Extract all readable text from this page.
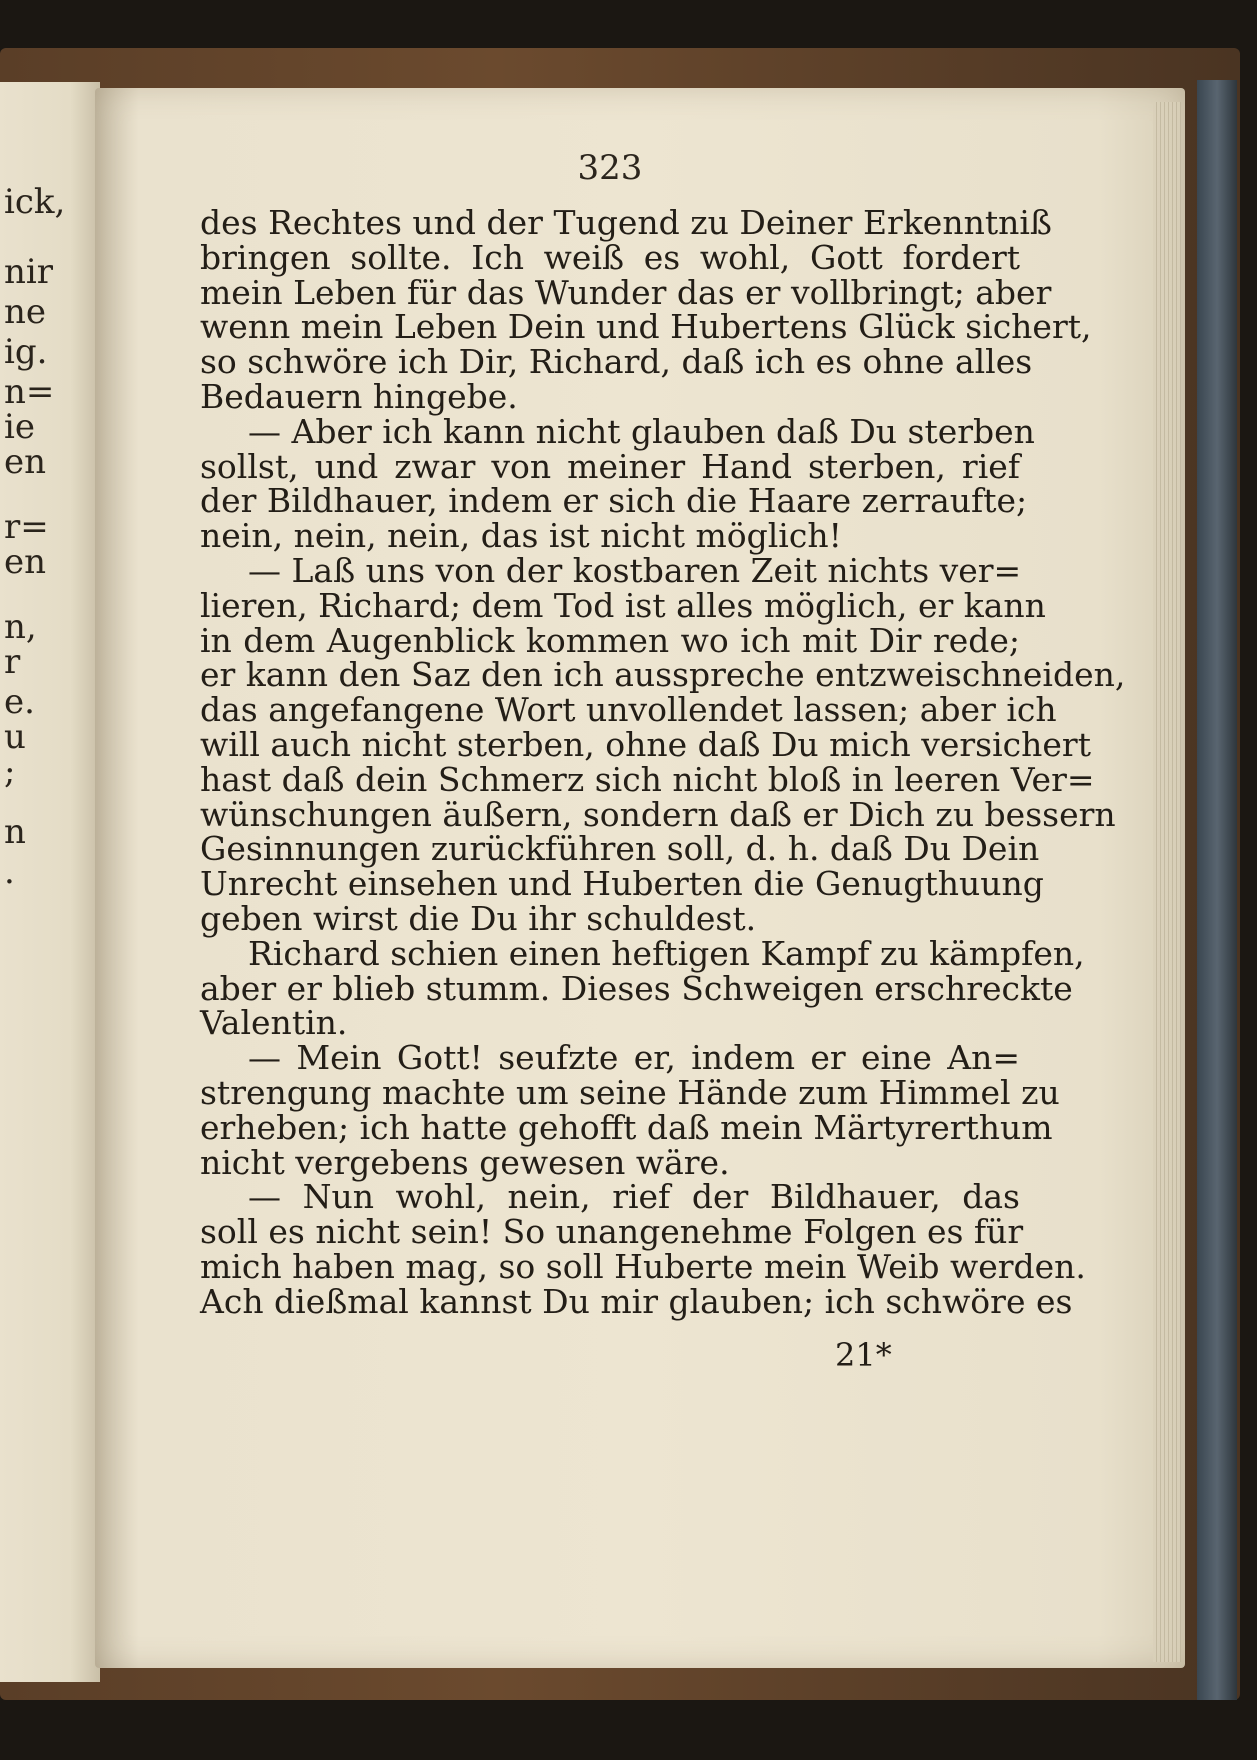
ick,
nir
ne
ig.
n=
ie
en
r=
en
n,
r
e.
u
;
n
.
323
des Rechtes und der Tugend zu Deiner Erkenntniß
bringen sollte. Ich weiß es wohl, Gott fordert
mein Leben für das Wunder das er vollbringt; aber
wenn mein Leben Dein und Hubertens Glück sichert,
so schwöre ich Dir, Richard, daß ich es ohne alles
Bedauern hingebe.
— Aber ich kann nicht glauben daß Du sterben
sollst, und zwar von meiner Hand sterben, rief
der Bildhauer, indem er sich die Haare zerraufte;
nein, nein, nein, das ist nicht möglich!
— Laß uns von der kostbaren Zeit nichts ver=
lieren, Richard; dem Tod ist alles möglich, er kann
in dem Augenblick kommen wo ich mit Dir rede;
er kann den Saz den ich ausspreche entzweischneiden,
das angefangene Wort unvollendet lassen; aber ich
will auch nicht sterben, ohne daß Du mich versichert
hast daß dein Schmerz sich nicht bloß in leeren Ver=
wünschungen äußern, sondern daß er Dich zu bessern
Gesinnungen zurückführen soll, d. h. daß Du Dein
Unrecht einsehen und Huberten die Genugthuung
geben wirst die Du ihr schuldest.
Richard schien einen heftigen Kampf zu kämpfen,
aber er blieb stumm. Dieses Schweigen erschreckte
Valentin.
— Mein Gott! seufzte er, indem er eine An=
strengung machte um seine Hände zum Himmel zu
erheben; ich hatte gehofft daß mein Märtyrerthum
nicht vergebens gewesen wäre.
— Nun wohl, nein, rief der Bildhauer, das
soll es nicht sein! So unangenehme Folgen es für
mich haben mag, so soll Huberte mein Weib werden.
Ach dießmal kannst Du mir glauben; ich schwöre es
21*
